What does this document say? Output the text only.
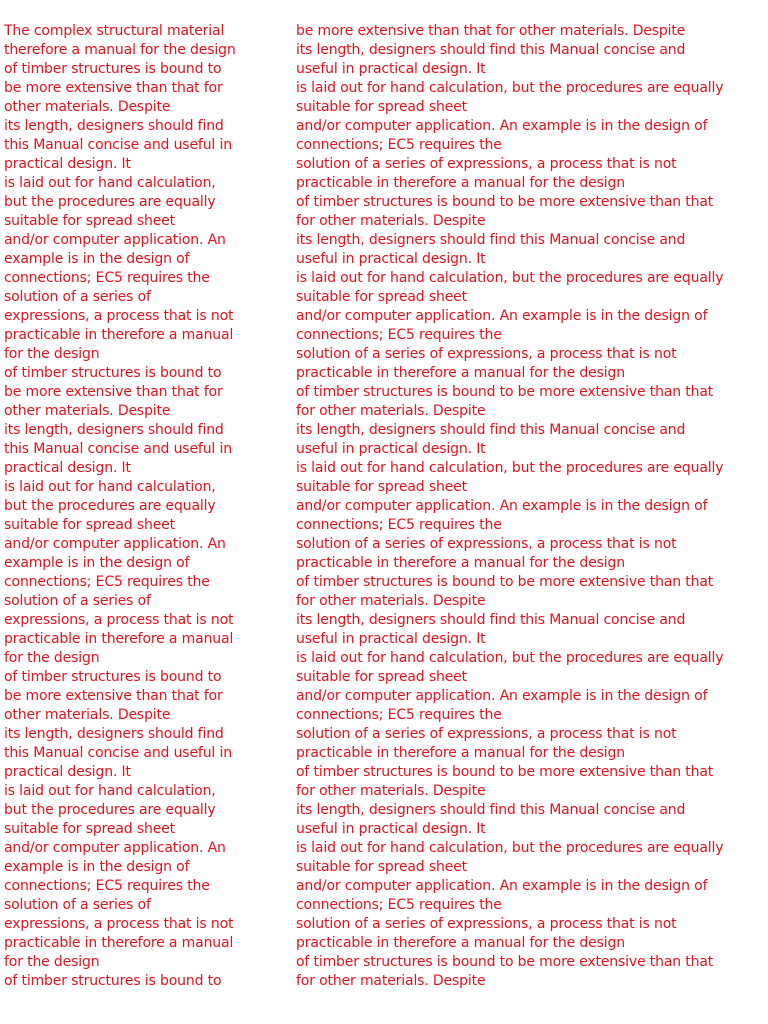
The complex structural material
therefore a manual for the design
of timber structures is bound to
be more extensive than that for
other materials. Despite
its length, designers should find
this Manual concise and useful in
practical design. It
is laid out for hand calculation,
but the procedures are equally
suitable for spread sheet
and/or computer application. An
example is in the design of
connections; EC5 requires the
solution of a series of
expressions, a process that is not
practicable in therefore a manual
for the design
of timber structures is bound to
be more extensive than that for
other materials. Despite
its length, designers should find
this Manual concise and useful in
practical design. It
is laid out for hand calculation,
but the procedures are equally
suitable for spread sheet
and/or computer application. An
example is in the design of
connections; EC5 requires the
solution of a series of
expressions, a process that is not
practicable in therefore a manual
for the design
of timber structures is bound to
be more extensive than that for
other materials. Despite
its length, designers should find
this Manual concise and useful in
practical design. It
is laid out for hand calculation,
but the procedures are equally
suitable for spread sheet
and/or computer application. An
example is in the design of
connections; EC5 requires the
solution of a series of
expressions, a process that is not
practicable in therefore a manual
for the design
of timber structures is bound to
be more extensive than that for other materials. Despite
its length, designers should find this Manual concise and
useful in practical design. It
is laid out for hand calculation, but the procedures are equally
suitable for spread sheet
and/or computer application. An example is in the design of
connections; EC5 requires the
solution of a series of expressions, a process that is not
practicable in therefore a manual for the design
of timber structures is bound to be more extensive than that
for other materials. Despite
its length, designers should find this Manual concise and
useful in practical design. It
is laid out for hand calculation, but the procedures are equally
suitable for spread sheet
and/or computer application. An example is in the design of
connections; EC5 requires the
solution of a series of expressions, a process that is not
practicable in therefore a manual for the design
of timber structures is bound to be more extensive than that
for other materials. Despite
its length, designers should find this Manual concise and
useful in practical design. It
is laid out for hand calculation, but the procedures are equally
suitable for spread sheet
and/or computer application. An example is in the design of
connections; EC5 requires the
solution of a series of expressions, a process that is not
practicable in therefore a manual for the design
of timber structures is bound to be more extensive than that
for other materials. Despite
its length, designers should find this Manual concise and
useful in practical design. It
is laid out for hand calculation, but the procedures are equally
suitable for spread sheet
and/or computer application. An example is in the design of
connections; EC5 requires the
solution of a series of expressions, a process that is not
practicable in therefore a manual for the design
of timber structures is bound to be more extensive than that
for other materials. Despite
its length, designers should find this Manual concise and
useful in practical design. It
is laid out for hand calculation, but the procedures are equally
suitable for spread sheet
and/or computer application. An example is in the design of
connections; EC5 requires the
solution of a series of expressions, a process that is not
practicable in therefore a manual for the design
of timber structures is bound to be more extensive than that
for other materials. Despite
